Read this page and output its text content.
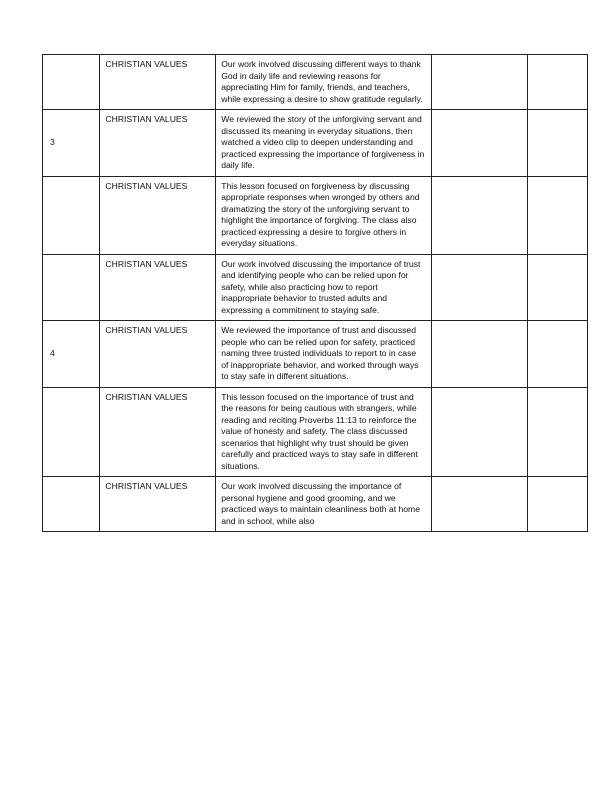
	CHRISTIAN VALUES	Our work involved discussing different ways to thank God in daily life and reviewing reasons for appreciating Him for family, friends, and teachers, while expressing a desire to show gratitude regularly.		

3	CHRISTIAN VALUES	We reviewed the story of the unforgiving servant and discussed its meaning in everyday situations, then watched a video clip to deepen understanding and practiced expressing the importance of forgiveness in daily life.		

	CHRISTIAN VALUES	This lesson focused on forgiveness by discussing appropriate responses when wronged by others and dramatizing the story of the unforgiving servant to highlight the importance of forgiving. The class also practiced expressing a desire to forgive others in everyday situations.		

	CHRISTIAN VALUES	Our work involved discussing the importance of trust and identifying people who can be relied upon for safety, while also practicing how to report inappropriate behavior to trusted adults and expressing a commitment to staying safe.		

4	CHRISTIAN VALUES	We reviewed the importance of trust and discussed people who can be relied upon for safety, practiced naming three trusted individuals to report to in case of inappropriate behavior, and worked through ways to stay safe in different situations.		

	CHRISTIAN VALUES	This lesson focused on the importance of trust and the reasons for being cautious with strangers, while reading and reciting Proverbs 11:13 to reinforce the value of honesty and safety. The class discussed scenarios that highlight why trust should be given carefully and practiced ways to stay safe in different situations.		

	CHRISTIAN VALUES	Our work involved discussing the importance of personal hygiene and good grooming, and we practiced ways to maintain cleanliness both at home and in school, while also		
